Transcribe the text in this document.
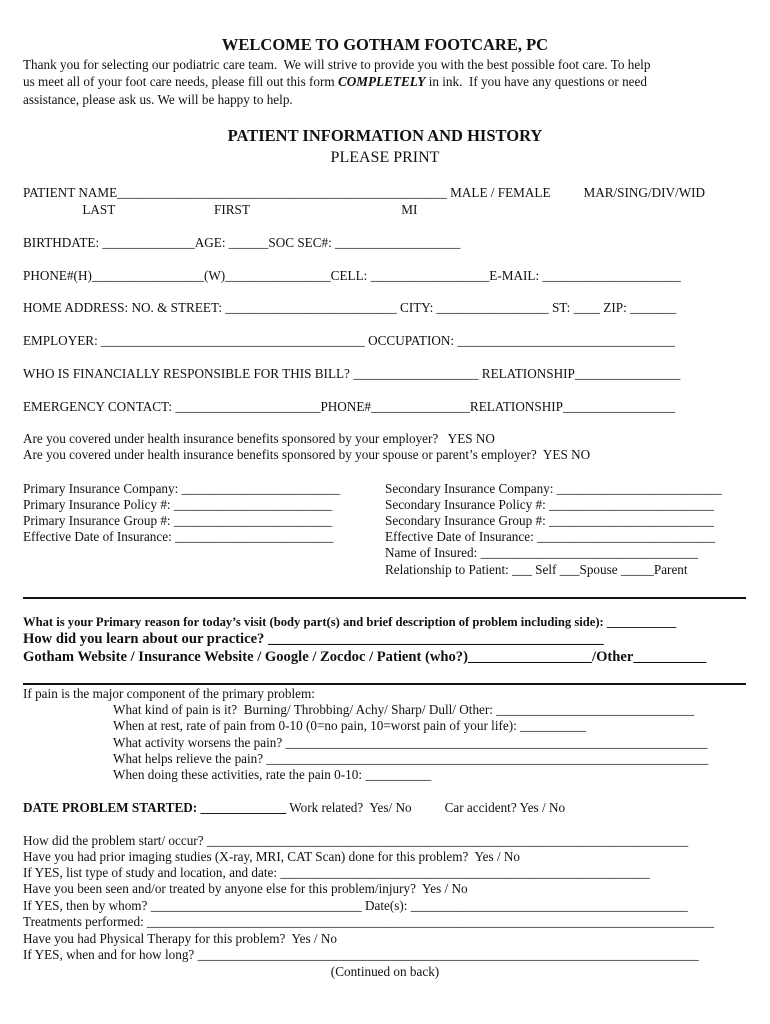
WELCOME TO GOTHAM FOOTCARE, PC
Thank you for selecting our podiatric care team.  We will strive to provide you with the best possible foot care. To help
us meet all of your foot care needs, please fill out this form COMPLETELY in ink.  If you have any questions or need
assistance, please ask us. We will be happy to help.
PATIENT INFORMATION AND HISTORY
PLEASE PRINT
PATIENT NAME__________________________________________________ MALE / FEMALE          MAR/SING/DIV/WID
LAST                              FIRST                                              MI
BIRTHDATE: ______________AGE: ______SOC SEC#: ___________________
PHONE#(H)_________________(W)________________CELL: __________________E-MAIL: _____________________
HOME ADDRESS: NO. & STREET: __________________________ CITY: _________________ ST: ____ ZIP: _______
EMPLOYER: ________________________________________ OCCUPATION: _________________________________
WHO IS FINANCIALLY RESPONSIBLE FOR THIS BILL? ___________________ RELATIONSHIP________________
EMERGENCY CONTACT: ______________________PHONE#_______________RELATIONSHIP_________________
Are you covered under health insurance benefits sponsored by your employer?   YES NO
Are you covered under health insurance benefits sponsored by your spouse or parent’s employer?  YES NO
Primary Insurance Company: ________________________
Primary Insurance Policy #: ________________________
Primary Insurance Group #: ________________________
Effective Date of Insurance: ________________________
Secondary Insurance Company: _________________________
Secondary Insurance Policy #: _________________________
Secondary Insurance Group #: _________________________
Effective Date of Insurance: ___________________________
Name of Insured: _________________________________
Relationship to Patient: ___ Self ___Spouse _____Parent
What is your Primary reason for today’s visit (body part(s) and brief description of problem including side): ___________
How did you learn about our practice? ______________________________________________
Gotham Website / Insurance Website / Google / Zocdoc / Patient (who?)_________________/Other__________
If pain is the major component of the primary problem:
What kind of pain is it?  Burning/ Throbbing/ Achy/ Sharp/ Dull/ Other: ______________________________
When at rest, rate of pain from 0-10 (0=no pain, 10=worst pain of your life): __________
What activity worsens the pain? ________________________________________________________________
What helps relieve the pain? ___________________________________________________________________
When doing these activities, rate the pain 0-10: __________
DATE PROBLEM STARTED: _____________ Work related?  Yes/ No          Car accident? Yes / No
How did the problem start/ occur? _________________________________________________________________________
Have you had prior imaging studies (X-ray, MRI, CAT Scan) done for this problem?  Yes / No
If YES, list type of study and location, and date: ________________________________________________________
Have you been seen and/or treated by anyone else for this problem/injury?  Yes / No
If YES, then by whom? ________________________________ Date(s): __________________________________________
Treatments performed: ______________________________________________________________________________________
Have you had Physical Therapy for this problem?  Yes / No
If YES, when and for how long? ____________________________________________________________________________
(Continued on back)
